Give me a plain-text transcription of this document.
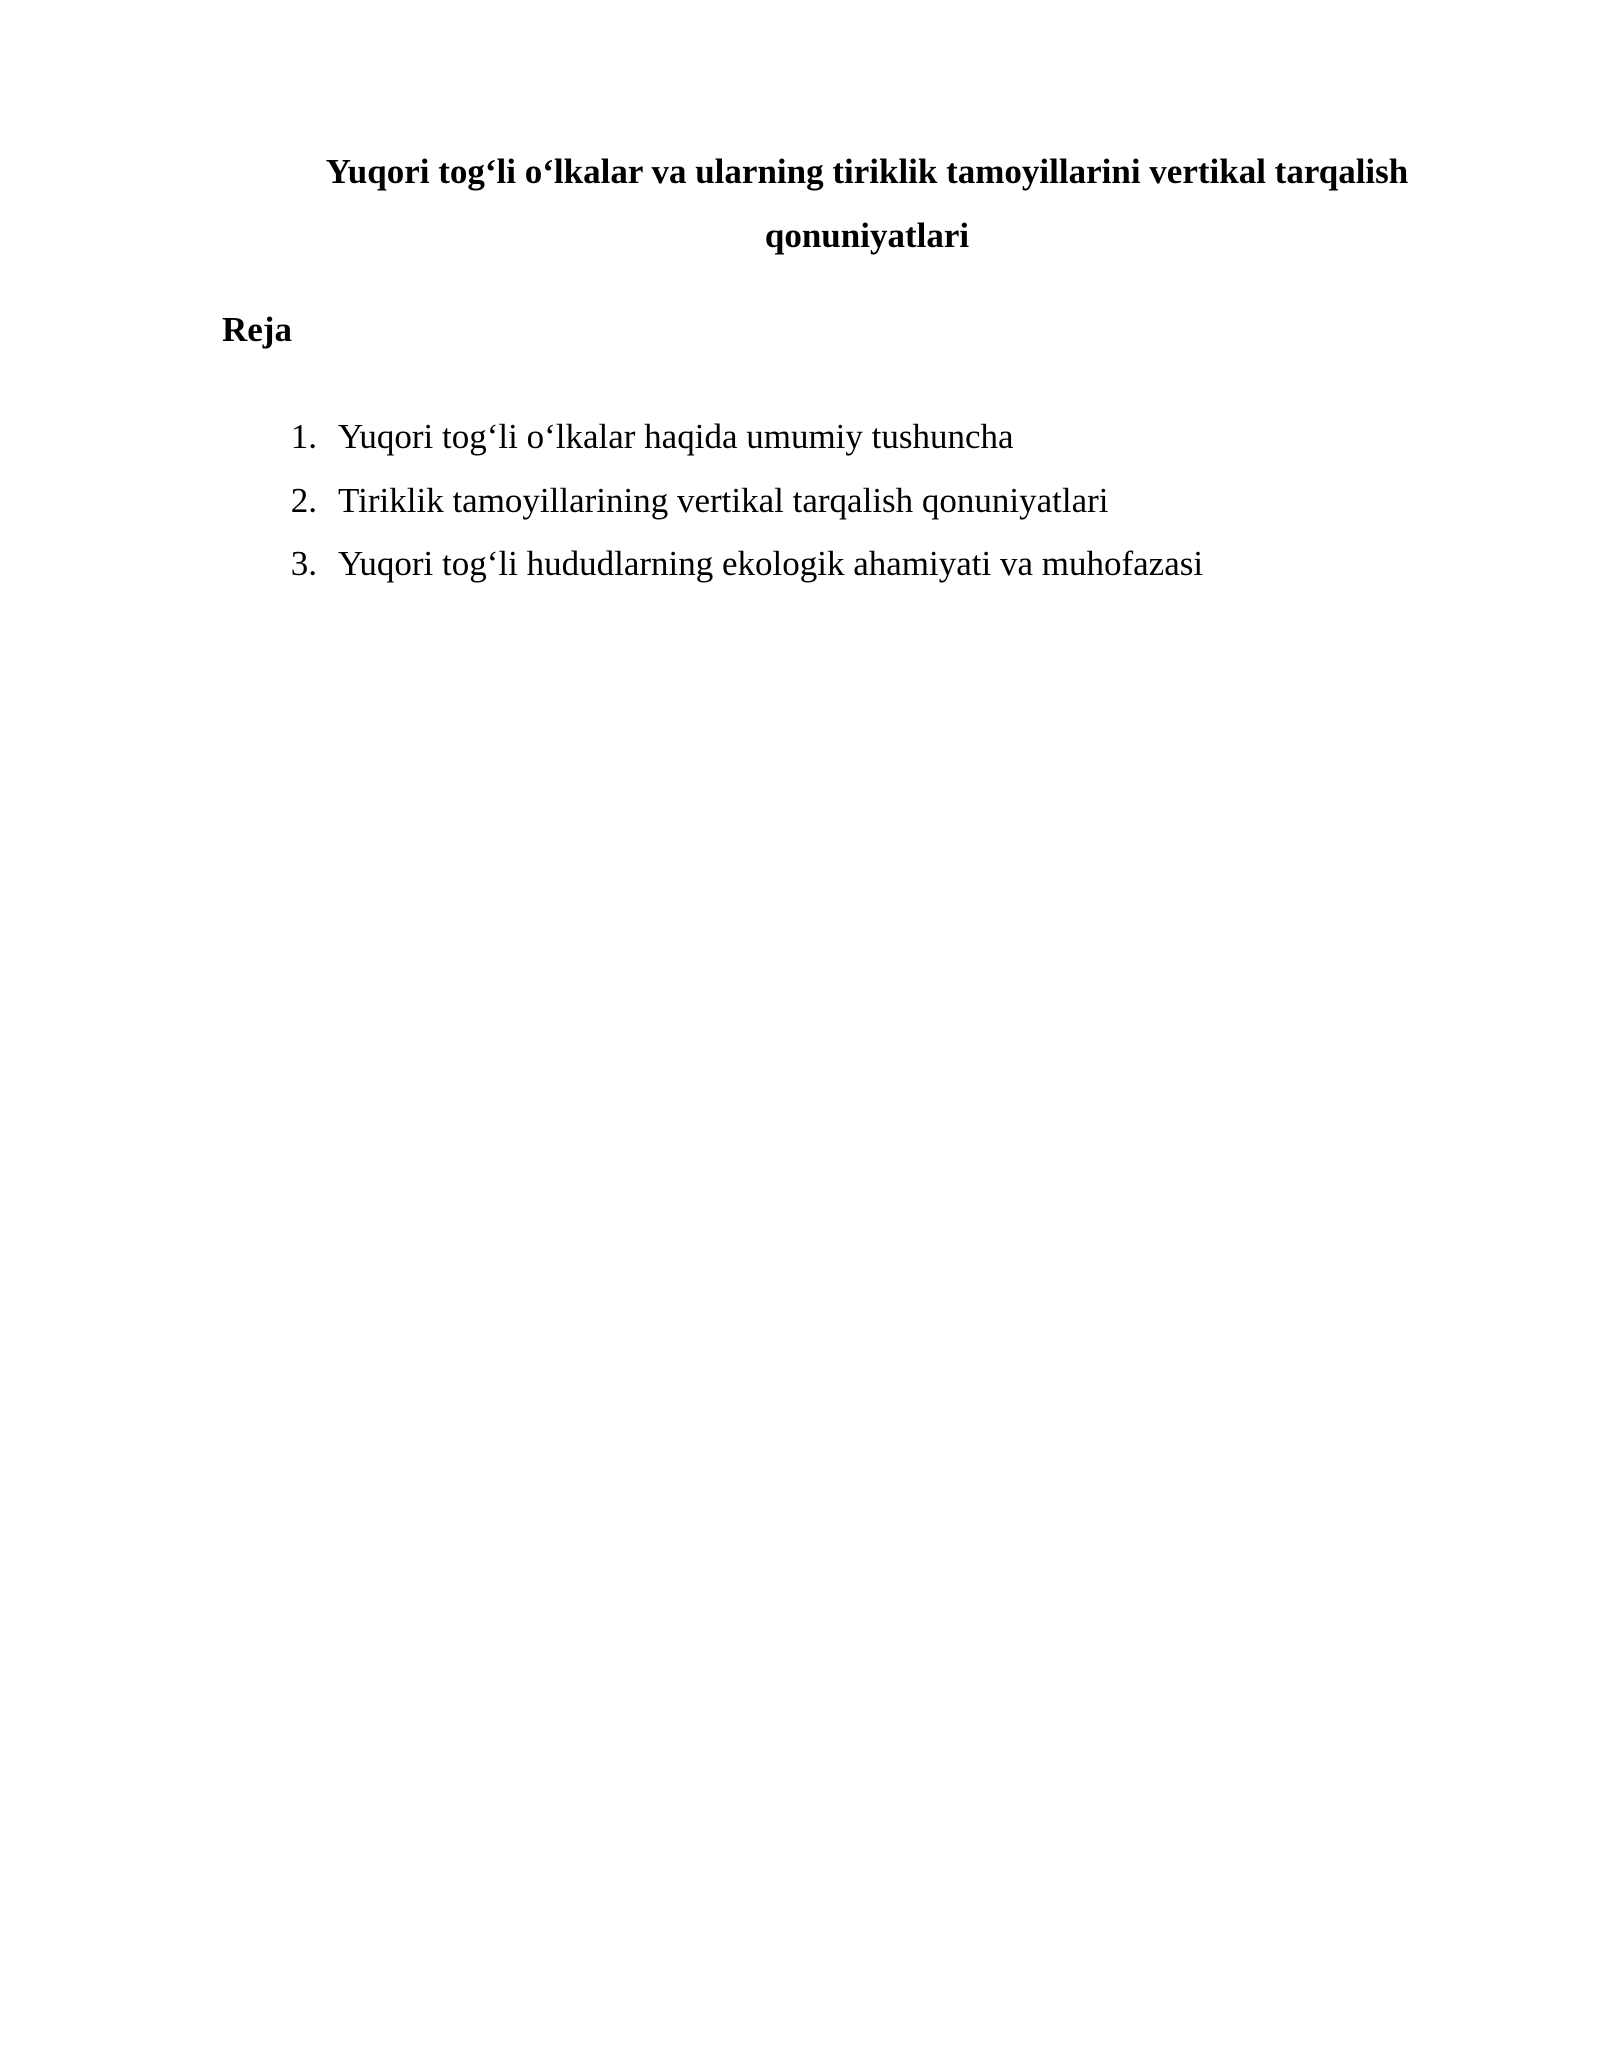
Yuqori tog‘li o‘lkalar va ularning tiriklik tamoyillarini vertikal tarqalish
qonuniyatlari
Reja
1. Yuqori tog‘li o‘lkalar haqida umumiy tushuncha
2. Tiriklik tamoyillarining vertikal tarqalish qonuniyatlari
3. Yuqori tog‘li hududlarning ekologik ahamiyati va muhofazasi
